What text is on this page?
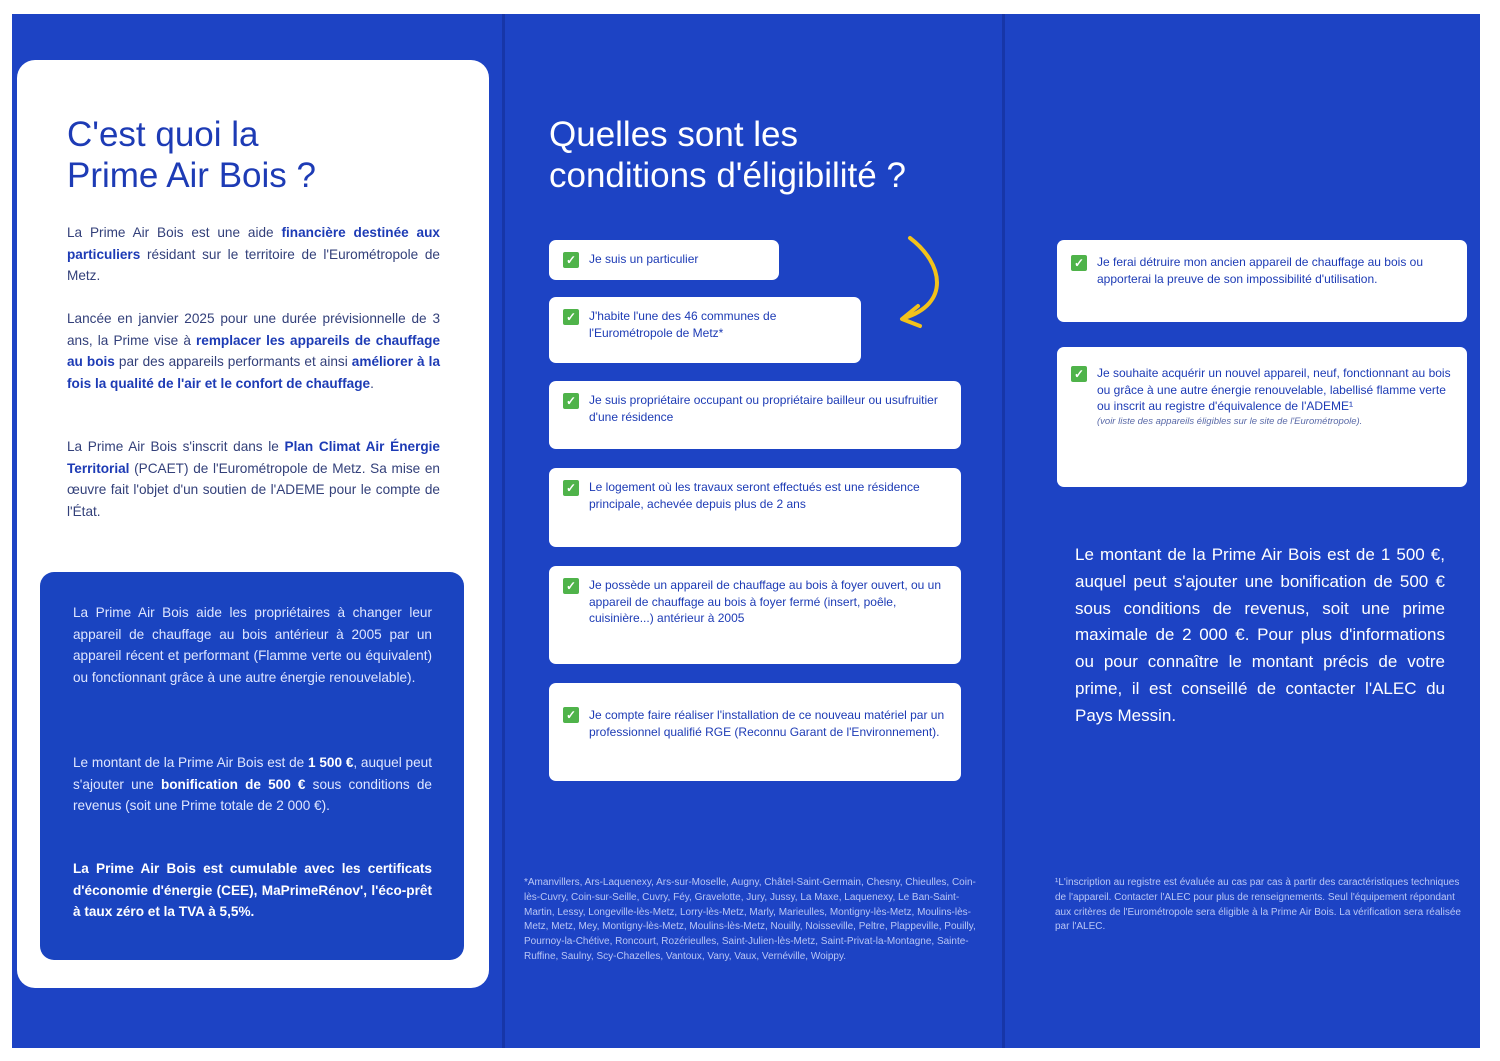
C'est quoi la
Prime Air Bois ?

La Prime Air Bois est une aide financière destinée aux particuliers résidant sur le territoire de l'Eurométropole de Metz.

Lancée en janvier 2025 pour une durée prévisionnelle de 3 ans, la Prime vise à remplacer les appareils de chauffage au bois par des appareils performants et ainsi améliorer à la fois la qualité de l'air et le confort de chauffage.

La Prime Air Bois s'inscrit dans le Plan Climat Air Énergie Territorial (PCAET) de l'Eurométropole de Metz. Sa mise en œuvre fait l'objet d'un soutien de l'ADEME pour le compte de l'État.

La Prime Air Bois aide les propriétaires à changer leur appareil de chauffage au bois antérieur à 2005 par un appareil récent et performant (Flamme verte ou équivalent) ou fonctionnant grâce à une autre énergie renouvelable).

Le montant de la Prime Air Bois est de 1 500 €, auquel peut s'ajouter une bonification de 500 € sous conditions de revenus (soit une Prime totale de 2 000 €).

La Prime Air Bois est cumulable avec les certificats d'économie d'énergie (CEE), MaPrimeRénov', l'éco-prêt à taux zéro et la TVA à 5,5%.

Quelles sont les
conditions d'éligibilité ?
✓ Je suis un particulier
✓ J'habite l'une des 46 communes de l'Eurométropole de Metz*
✓ Je suis propriétaire occupant ou propriétaire bailleur ou usufruitier d'une résidence
✓ Le logement où les travaux seront effectués est une résidence principale, achevée depuis plus de 2 ans
✓ Je possède un appareil de chauffage au bois à foyer ouvert, ou un appareil de chauffage au bois à foyer fermé (insert, poêle, cuisinière...) antérieur à 2005
✓ Je compte faire réaliser l'installation de ce nouveau matériel par un professionnel qualifié RGE (Reconnu Garant de l'Environnement).

*Amanvillers, Ars-Laquenexy, Ars-sur-Moselle, Augny, Châtel-Saint-Germain, Chesny, Chieulles, Coin-lès-Cuvry, Coin-sur-Seille, Cuvry, Féy, Gravelotte, Jury, Jussy, La Maxe, Laquenexy, Le Ban-Saint-Martin, Lessy, Longeville-lès-Metz, Lorry-lès-Metz, Marly, Marieulles, Montigny-lès-Metz, Moulins-lès-Metz, Metz, Mey, Montigny-lès-Metz, Moulins-lès-Metz, Nouilly, Noisseville, Peltre, Plappeville, Pouilly, Pournoy-la-Chétive, Roncourt, Rozérieulles, Saint-Julien-lès-Metz, Saint-Privat-la-Montagne, Sainte-Ruffine, Saulny, Scy-Chazelles, Vantoux, Vany, Vaux, Vernéville, Woippy.

✓ Je ferai détruire mon ancien appareil de chauffage au bois ou apporterai la preuve de son impossibilité d'utilisation.
✓ Je souhaite acquérir un nouvel appareil, neuf, fonctionnant au bois ou grâce à une autre énergie renouvelable, labellisé flamme verte ou inscrit au registre d'équivalence de l'ADEME¹
(voir liste des appareils éligibles sur le site de l'Eurométropole).

Le montant de la Prime Air Bois est de 1 500 €, auquel peut s'ajouter une bonification de 500 € sous conditions de revenus, soit une prime maximale de 2 000 €. Pour plus d'informations ou pour connaître le montant précis de votre prime, il est conseillé de contacter l'ALEC du Pays Messin.

¹L'inscription au registre est évaluée au cas par cas à partir des caractéristiques techniques de l'appareil. Contacter l'ALEC pour plus de renseignements. Seul l'équipement répondant aux critères de l'Eurométropole sera éligible à la Prime Air Bois. La vérification sera réalisée par l'ALEC.
